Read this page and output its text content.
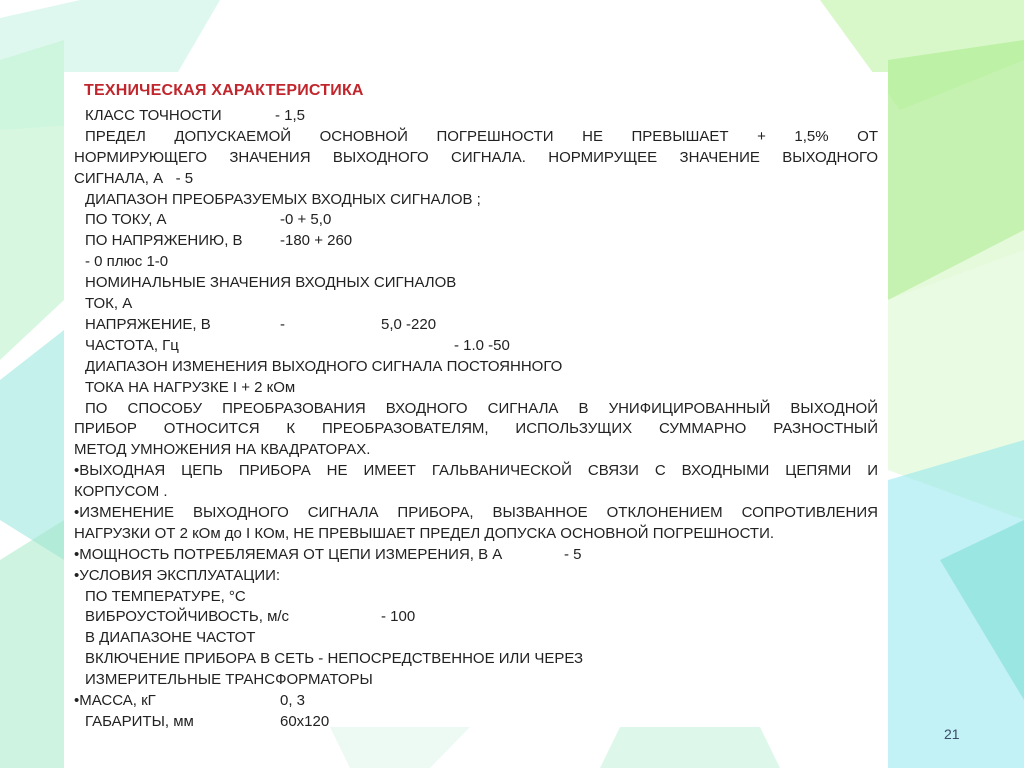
ТЕХНИЧЕСКАЯ ХАРАКТЕРИСТИКА
КЛАСС ТОЧНОСТИ	- 1,5
ПРЕДЕЛ ДОПУСКАЕМОЙ ОСНОВНОЙ ПОГРЕШНОСТИ НЕ ПРЕВЫШАЕТ + 1,5% ОТ
НОРМИРУЮЩЕГО ЗНАЧЕНИЯ ВЫХОДНОГО СИГНАЛА. НОРМИРУЩЕЕ ЗНАЧЕНИЕ ВЫХОДНОГО
СИГНАЛА, А - 5
ДИАПАЗОН ПРЕОБРАЗУЕМЫХ ВХОДНЫХ СИГНАЛОВ ;
ПО ТОКУ, А	-0 + 5,0
ПО НАПРЯЖЕНИЮ, В -180 + 260
- 0 плюс 1-0
НОМИНАЛЬНЫЕ ЗНАЧЕНИЯ ВХОДНЫХ СИГНАЛОВ
ТОК, А
НАПРЯЖЕНИЕ, В	-	5,0 -220
ЧАСТОТА, Гц	- 1.0 -50
ДИАПАЗОН ИЗМЕНЕНИЯ ВЫХОДНОГО СИГНАЛА ПОСТОЯННОГО
ТОКА НА НАГРУЗКЕ I + 2 кОм
ПО СПОСОБУ ПРЕОБРАЗОВАНИЯ ВХОДНОГО СИГНАЛА В УНИФИЦИРОВАННЫЙ ВЫХОДНОЙ
ПРИБОР ОТНОСИТСЯ К ПРЕОБРАЗОВАТЕЛЯМ, ИСПОЛЬЗУЩИХ СУММАРНО РАЗНОСТНЫЙ
МЕТОД УМНОЖЕНИЯ НА КВАДРАТОРАХ.
• ВЫХОДНАЯ ЦЕПЬ ПРИБОРА НЕ ИМЕЕТ ГАЛЬВАНИЧЕСКОЙ СВЯЗИ С ВХОДНЫМИ ЦЕПЯМИ И
КОРПУСОМ .
• ИЗМЕНЕНИЕ ВЫХОДНОГО СИГНАЛА ПРИБОРА, ВЫЗВАННОЕ ОТКЛОНЕНИЕМ СОПРОТИВЛЕНИЯ
НАГРУЗКИ ОТ 2 кОм до I КОм, НЕ ПРЕВЫШАЕТ ПРЕДЕЛ ДОПУСКА ОСНОВНОЙ ПОГРЕШНОСТИ.
• МОЩНОСТЬ ПОТРЕБЛЯЕМАЯ ОТ ЦЕПИ ИЗМЕРЕНИЯ, В А	- 5
• УСЛОВИЯ ЭКСПЛУАТАЦИИ:
ПО ТЕМПЕРАТУРЕ, °С
ВИБРОУСТОЙЧИВОСТЬ, м/с	- 100
В ДИАПАЗОНЕ ЧАСТОТ
ВКЛЮЧЕНИЕ ПРИБОРА В СЕТЬ - НЕПОСРЕДСТВЕННОЕ ИЛИ ЧЕРЕЗ
ИЗМЕРИТЕЛЬНЫЕ ТРАНСФОРМАТОРЫ
• МАССА, кГ	0, 3
ГАБАРИТЫ, мм	60х120
21
